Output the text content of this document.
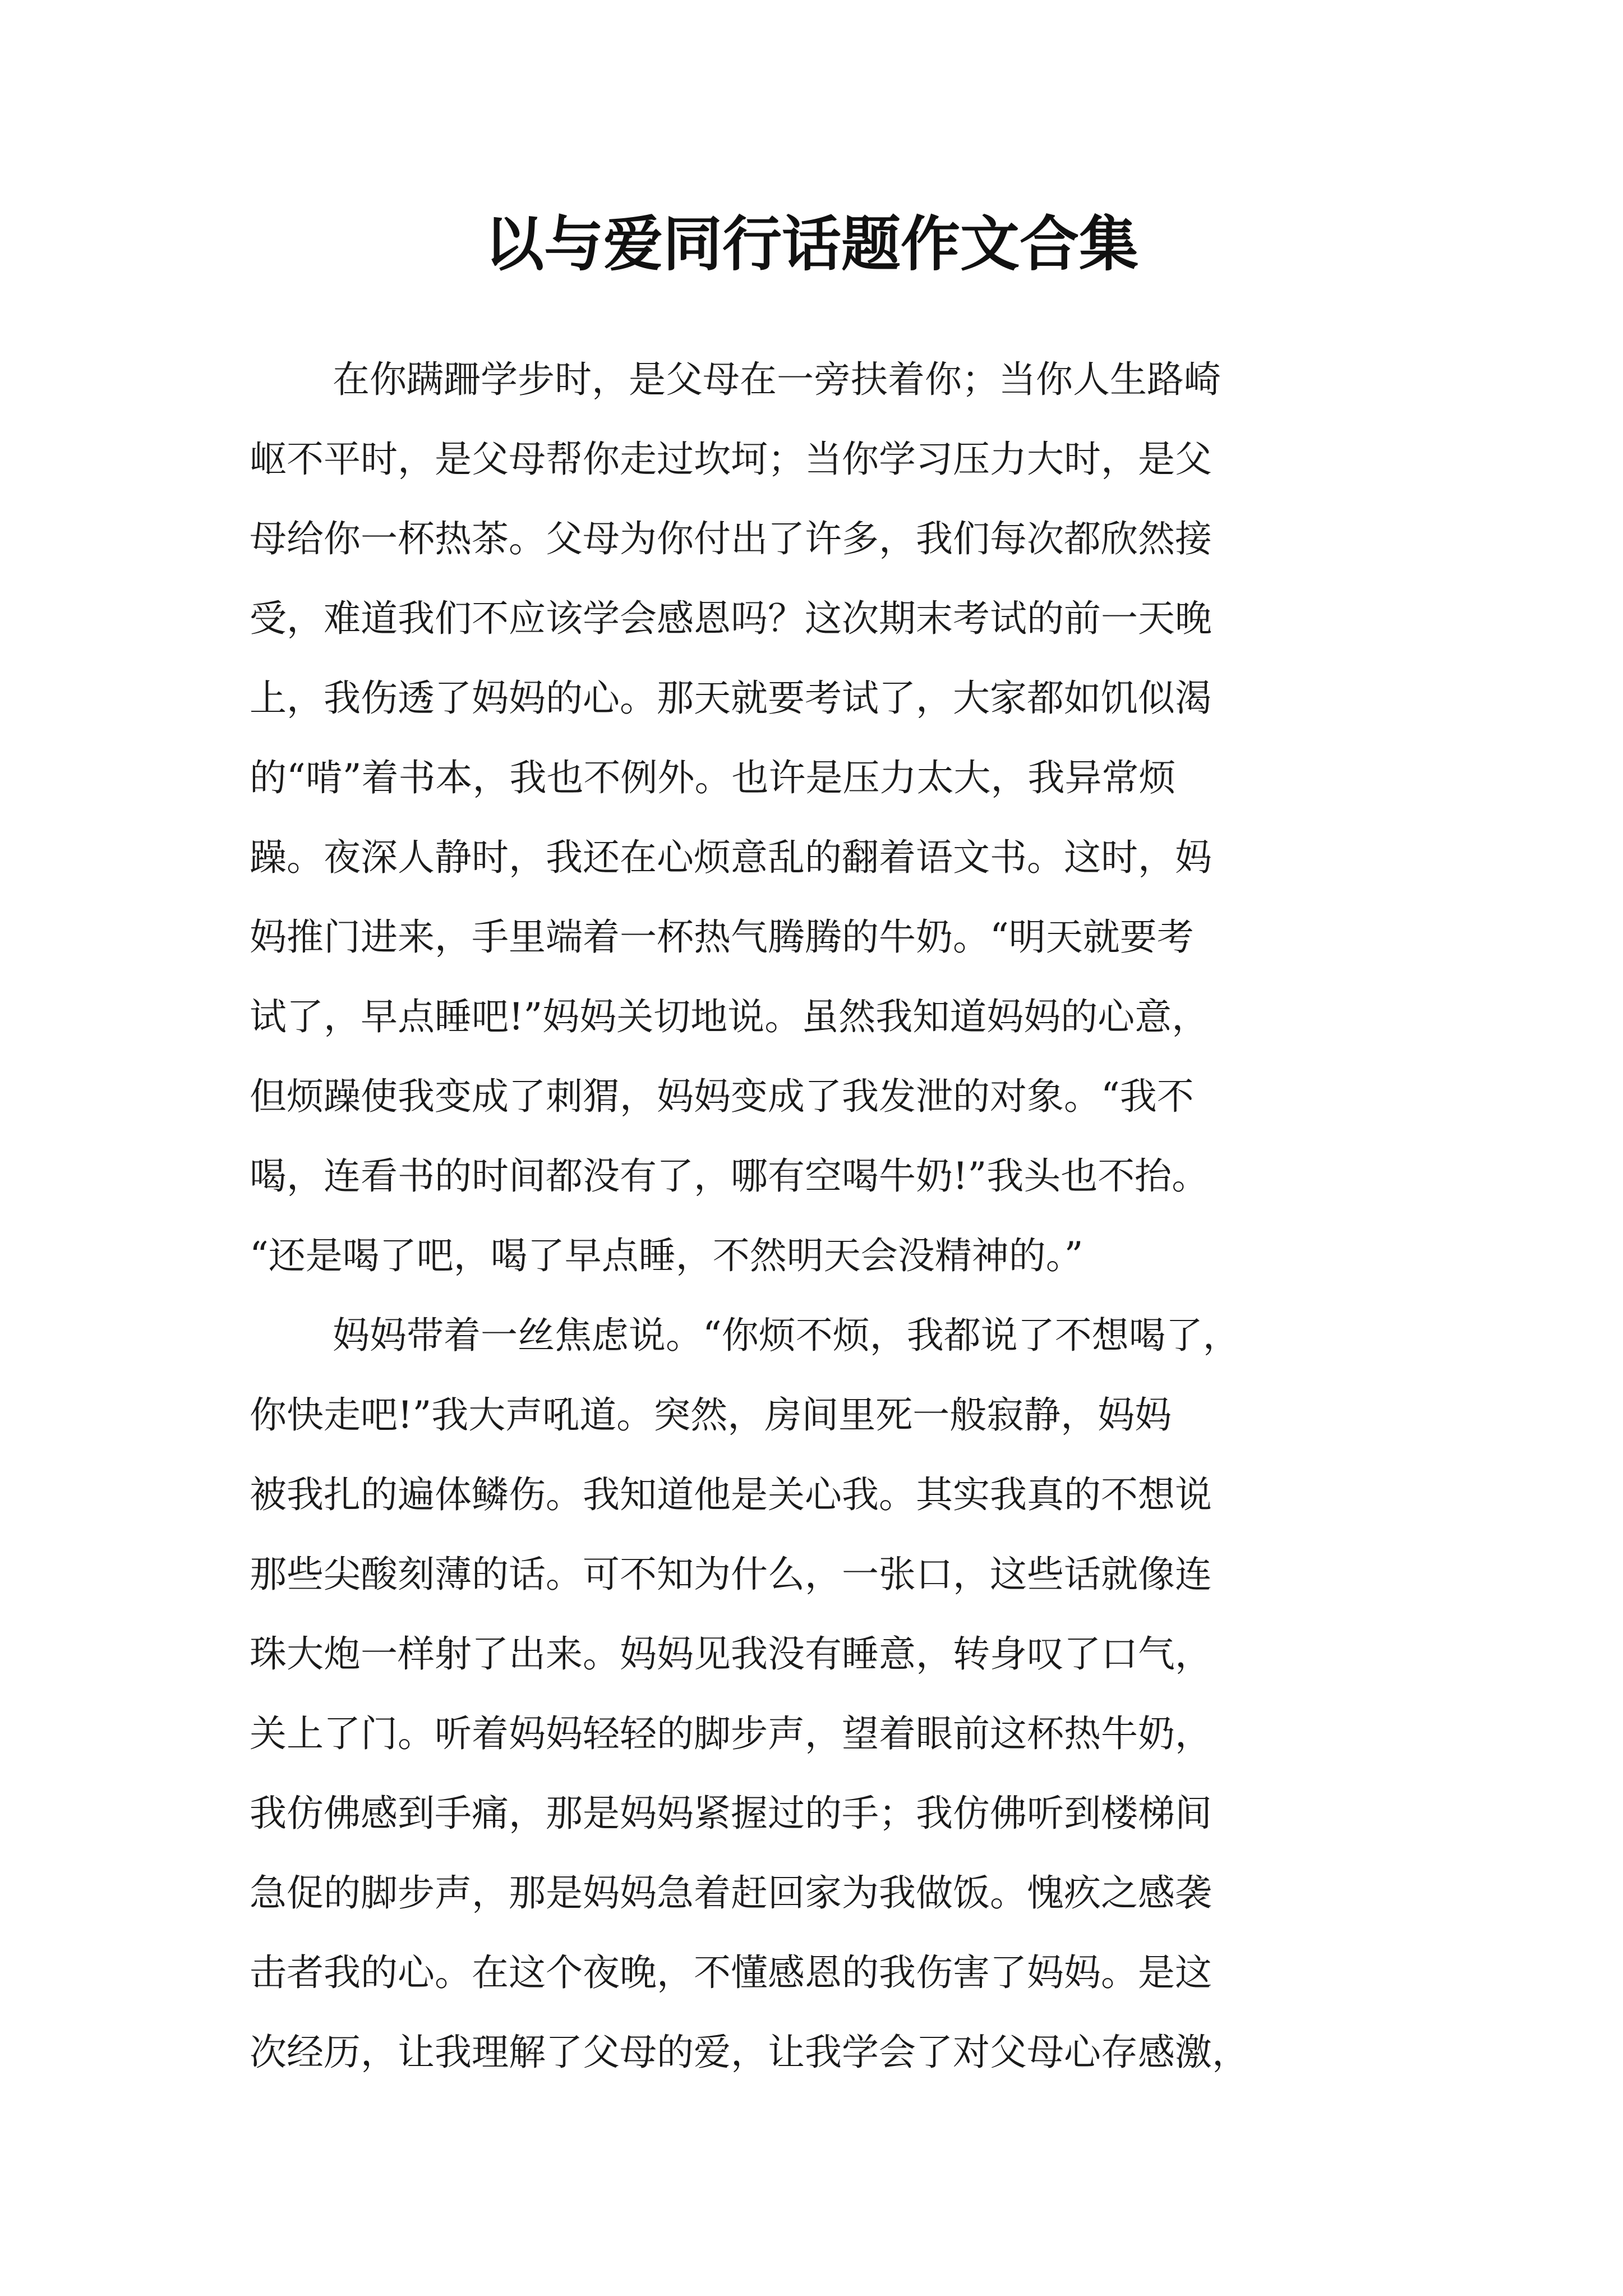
以与爱同行话题作文合集
在你蹒跚学步时，是父母在一旁扶着你；当你人生路崎
岖不平时，是父母帮你走过坎坷；当你学习压力大时，是父
母给你一杯热茶。父母为你付出了许多，我们每次都欣然接
受，难道我们不应该学会感恩吗？这次期末考试的前一天晚
上，我伤透了妈妈的心。那天就要考试了，大家都如饥似渴
的“啃”着书本，我也不例外。也许是压力太大，我异常烦
躁。夜深人静时，我还在心烦意乱的翻着语文书。这时，妈
妈推门进来，手里端着一杯热气腾腾的牛奶。“明天就要考
试了，早点睡吧!”妈妈关切地说。虽然我知道妈妈的心意，
但烦躁使我变成了刺猬，妈妈变成了我发泄的对象。“我不
喝，连看书的时间都没有了，哪有空喝牛奶!”我头也不抬。
“还是喝了吧，喝了早点睡，不然明天会没精神的。”
妈妈带着一丝焦虑说。“你烦不烦，我都说了不想喝了，
你快走吧!”我大声吼道。突然，房间里死一般寂静，妈妈
被我扎的遍体鳞伤。我知道他是关心我。其实我真的不想说
那些尖酸刻薄的话。可不知为什么，一张口，这些话就像连
珠大炮一样射了出来。妈妈见我没有睡意，转身叹了口气，
关上了门。听着妈妈轻轻的脚步声，望着眼前这杯热牛奶，
我仿佛感到手痛，那是妈妈紧握过的手；我仿佛听到楼梯间
急促的脚步声，那是妈妈急着赶回家为我做饭。愧疚之感袭
击者我的心。在这个夜晚，不懂感恩的我伤害了妈妈。是这
次经历，让我理解了父母的爱，让我学会了对父母心存感激，
